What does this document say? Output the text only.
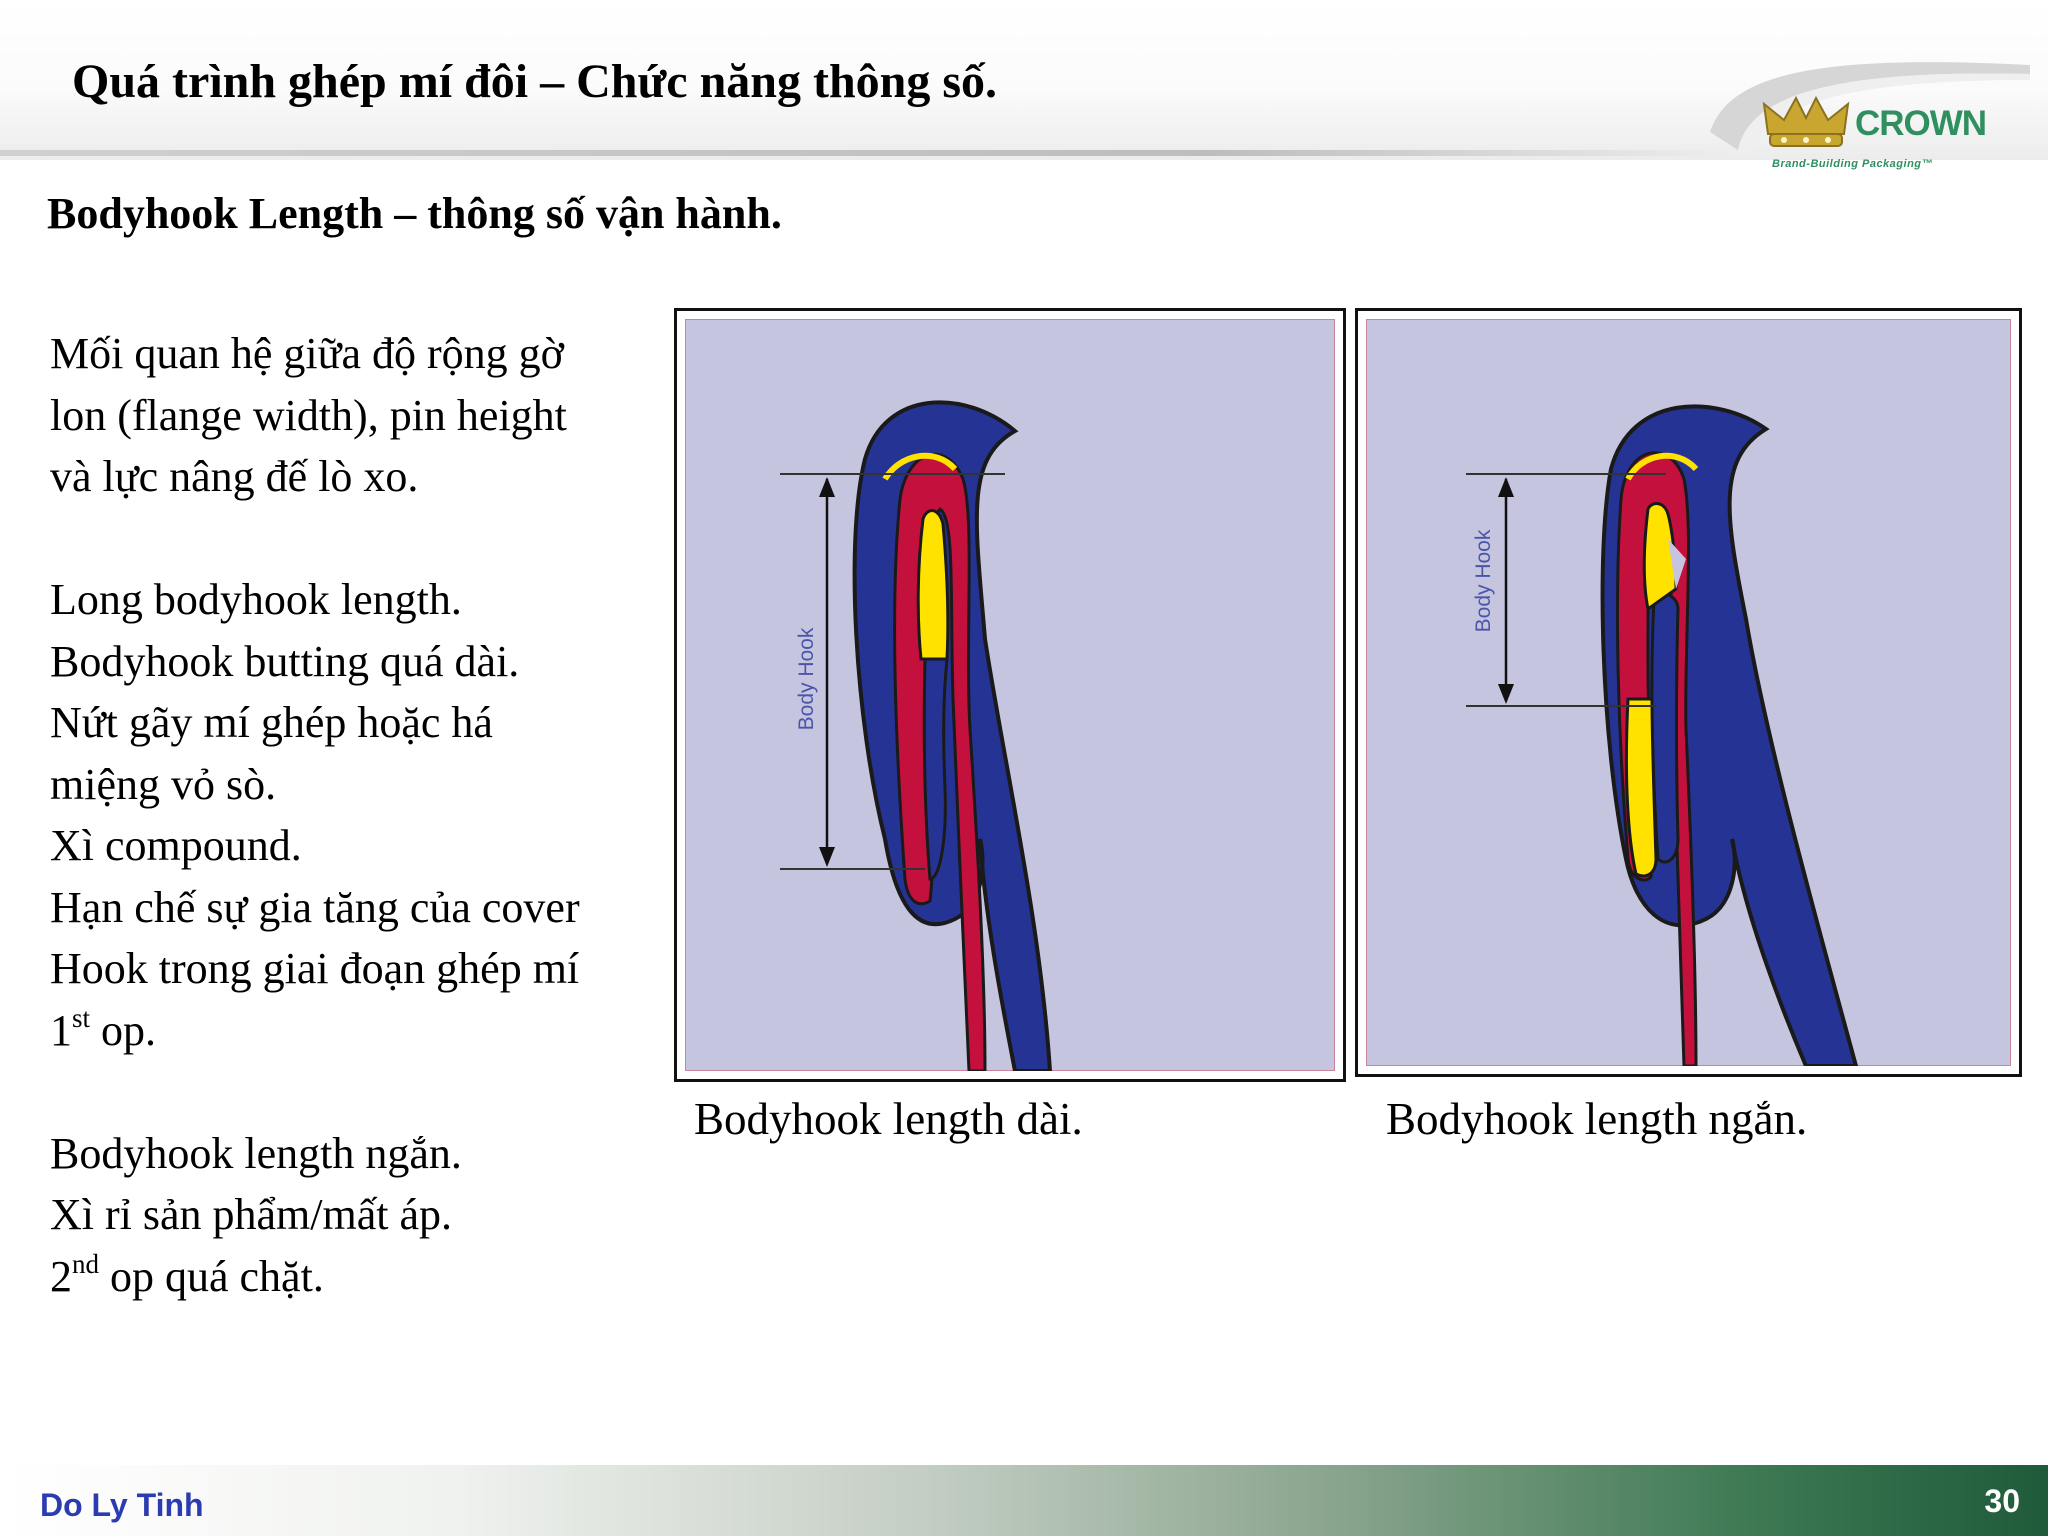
Quá trình ghép mí đôi – Chức năng thông số.
CROWN
Brand-Building Packaging™
Bodyhook Length – thông số vận hành.
Mối quan hệ giữa độ rộng gờ
lon (flange width), pin height
và lực nâng đế lò xo.
Long bodyhook length.
Bodyhook butting quá dài.
Nứt gãy mí ghép hoặc há
miệng vỏ sò.
Xì compound.
Hạn chế sự gia tăng của cover
Hook trong giai đoạn ghép mí
1st op.
Bodyhook length ngắn.
Xì rỉ sản phẩm/mất áp.
2nd op quá chặt.
Body Hook
Body Hook

Bodyhook length dài.	Bodyhook length ngắn.

Do Ly Tinh	30
